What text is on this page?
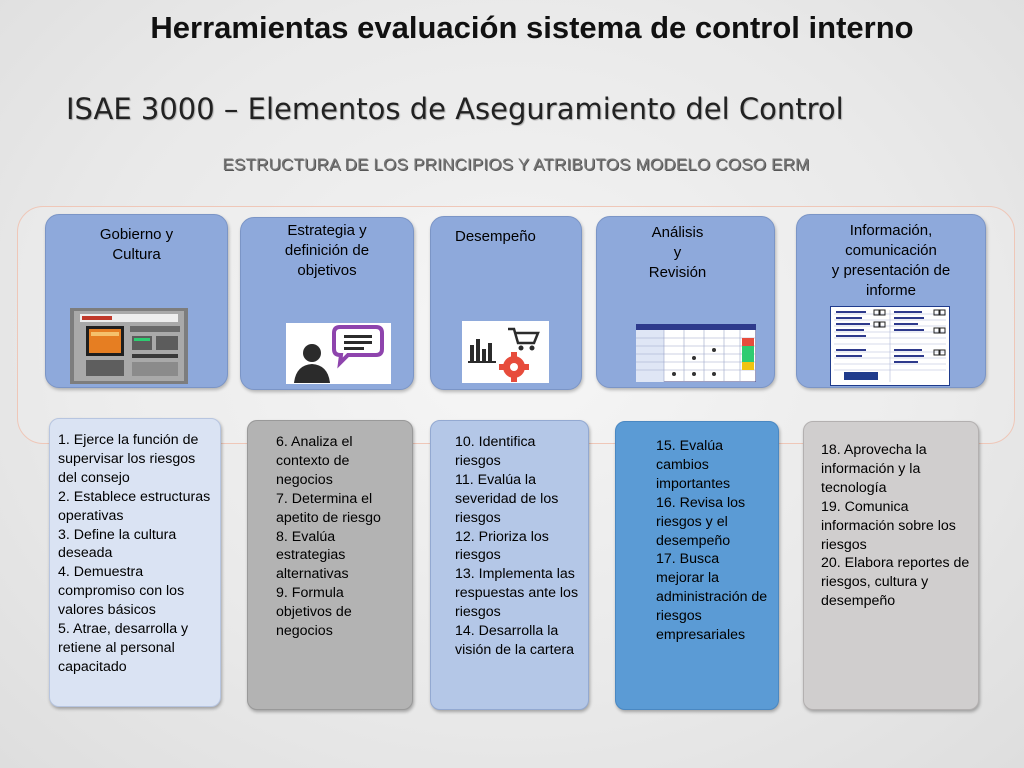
Herramientas evaluación sistema de control interno
ISAE 3000 – Elementos de Aseguramiento del Control
ESTRUCTURA DE LOS PRINCIPIOS Y ATRIBUTOS MODELO COSO ERM
Gobierno y
Cultura
Estrategia y
definición de
objetivos
Desempeño	Análisis
y
Revisión
Información,
comunicación
y presentación de
informe
1. Ejerce la función de supervisar los riesgos del consejo
2. Establece estructuras operativas
3. Define la cultura deseada
4. Demuestra compromiso con los valores básicos
5. Atrae, desarrolla y retiene al personal capacitado
6. Analiza el contexto de negocios
7. Determina el apetito de riesgo
8. Evalúa estrategias alternativas
9. Formula objetivos de negocios
10. Identifica riesgos
11. Evalúa la severidad de los riesgos
12. Prioriza los riesgos
13. Implementa las respuestas ante los riesgos
14. Desarrolla la visión de la cartera
15. Evalúa cambios importantes
16. Revisa los riesgos y el desempeño
17. Busca mejorar la administración de riesgos empresariales
18. Aprovecha la información y la tecnología
19. Comunica información sobre los riesgos
20. Elabora reportes de riesgos, cultura y desempeño
